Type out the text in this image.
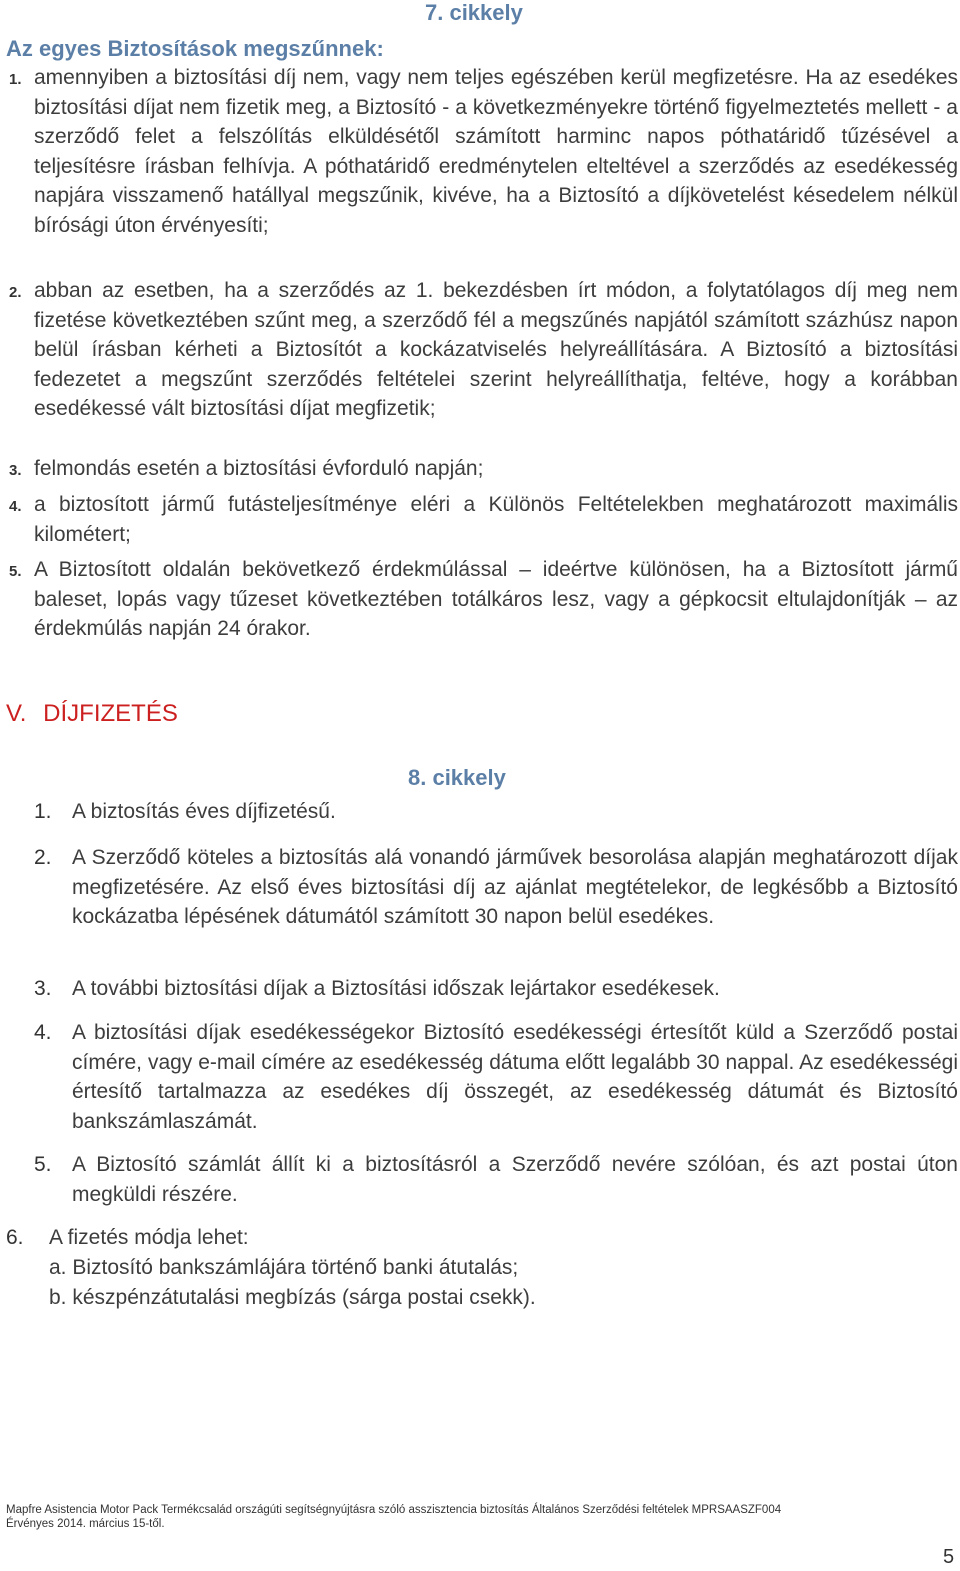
7. cikkely
Az egyes Biztosítások megszűnnek:
1. amennyiben a biztosítási díj nem, vagy nem teljes egészében kerül megfizetésre. Ha az esedékes biztosítási díjat nem fizetik meg, a Biztosító - a következményekre történő figyelmeztetés mellett - a szerződő felet a felszólítás elküldésétől számított harminc napos póthatáridő tűzésével a teljesítésre írásban felhívja. A póthatáridő eredménytelen elteltével a szerződés az esedékesség napjára visszamenő hatállyal megszűnik, kivéve, ha a Biztosító a díjkövetelést késedelem nélkül bírósági úton érvényesíti;
2. abban az esetben, ha a szerződés az 1. bekezdésben írt módon, a folytatólagos díj meg nem fizetése következtében szűnt meg, a szerződő fél a megszűnés napjától számított százhúsz napon belül írásban kérheti a Biztosítót a kockázatviselés helyreállítására. A Biztosító a biztosítási fedezetet a megszűnt szerződés feltételei szerint helyreállíthatja, feltéve, hogy a korábban esedékessé vált biztosítási díjat megfizetik;
3. felmondás esetén a biztosítási évforduló napján;
4. a biztosított jármű futásteljesítménye eléri a Különös Feltételekben meghatározott maximális kilométert;
5. A Biztosított oldalán bekövetkező érdekmúlással – ideértve különösen, ha a Biztosított jármű baleset, lopás vagy tűzeset következtében totálkáros lesz, vagy a gépkocsit eltulajdonítják – az érdekmúlás napján 24 órakor.
V. DÍJFIZETÉS
8. cikkely
1. A biztosítás éves díjfizetésű.
2. A Szerződő köteles a biztosítás alá vonandó járművek besorolása alapján meghatározott díjak megfizetésére. Az első éves biztosítási díj az ajánlat megtételekor, de legkésőbb a Biztosító kockázatba lépésének dátumától számított 30 napon belül esedékes.
3. A további biztosítási díjak a Biztosítási időszak lejártakor esedékesek.
4. A biztosítási díjak esedékességekor Biztosító esedékességi értesítőt küld a Szerződő postai címére, vagy e-mail címére az esedékesség dátuma előtt legalább 30 nappal. Az esedékességi értesítő tartalmazza az esedékes díj összegét, az esedékesség dátumát és Biztosító bankszámlaszámát.
5. A Biztosító számlát állít ki a biztosításról a Szerződő nevére szólóan, és azt postai úton megküldi részére.
6. A fizetés módja lehet:
a. Biztosító bankszámlájára történő banki átutalás;
b. készpénzátutalási megbízás (sárga postai csekk).
Mapfre Asistencia Motor Pack Termékcsalád országúti segítségnyújtásra szóló asszisztencia biztosítás Általános Szerződési feltételek MPRSAASZF004
Érvényes 2014. március 15-től.
5
